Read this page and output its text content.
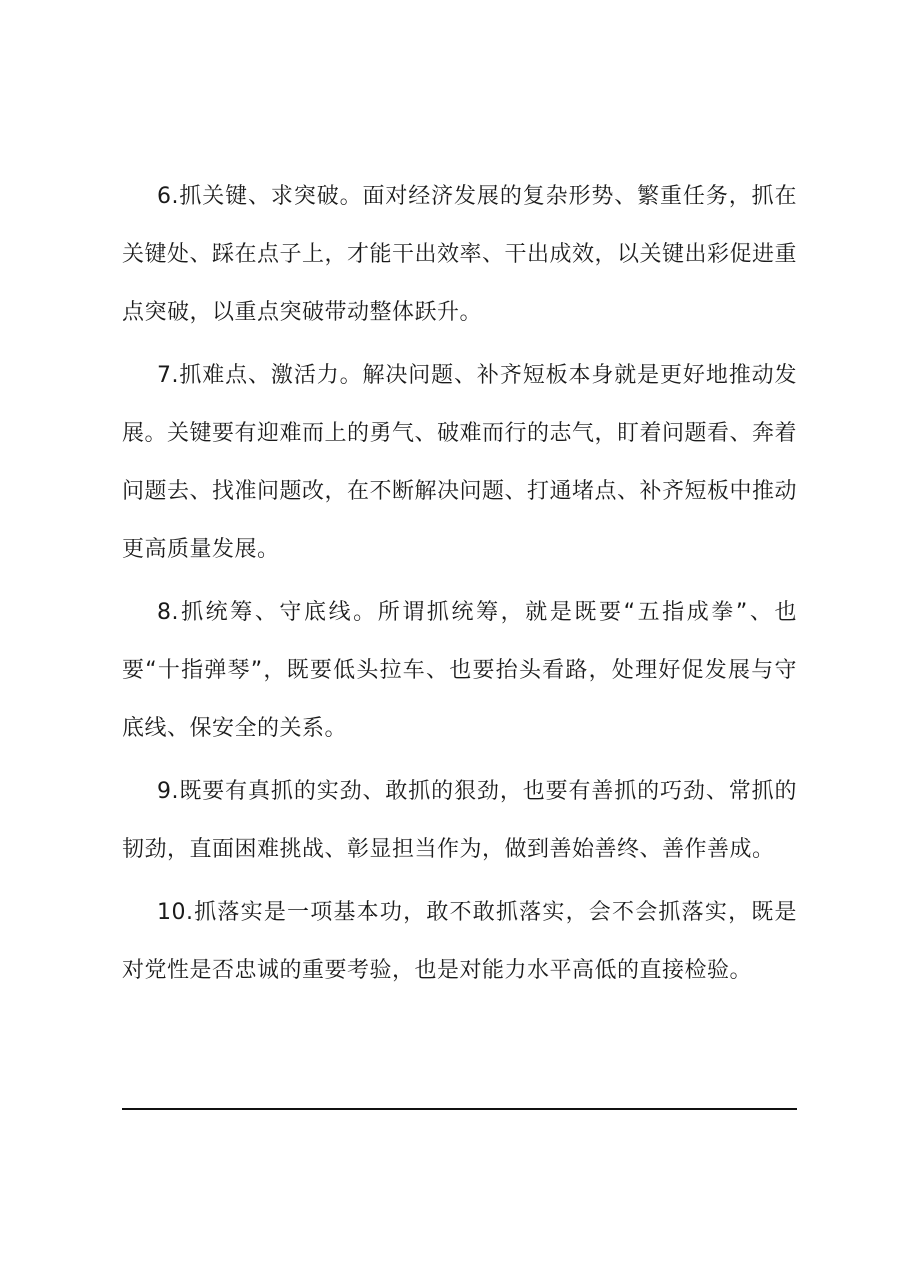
6.抓关键、求突破。面对经济发展的复杂形势、繁重任务，抓在关键处、踩在点子上，才能干出效率、干出成效，以关键出彩促进重点突破，以重点突破带动整体跃升。

7.抓难点、激活力。解决问题、补齐短板本身就是更好地推动发展。关键要有迎难而上的勇气、破难而行的志气，盯着问题看、奔着问题去、找准问题改，在不断解决问题、打通堵点、补齐短板中推动更高质量发展。

8.抓统筹、守底线。所谓抓统筹，就是既要“五指成拳”、也要“十指弹琴”，既要低头拉车、也要抬头看路，处理好促发展与守底线、保安全的关系。

9.既要有真抓的实劲、敢抓的狠劲，也要有善抓的巧劲、常抓的韧劲，直面困难挑战、彰显担当作为，做到善始善终、善作善成。

10.抓落实是一项基本功，敢不敢抓落实，会不会抓落实，既是对党性是否忠诚的重要考验，也是对能力水平高低的直接检验。
